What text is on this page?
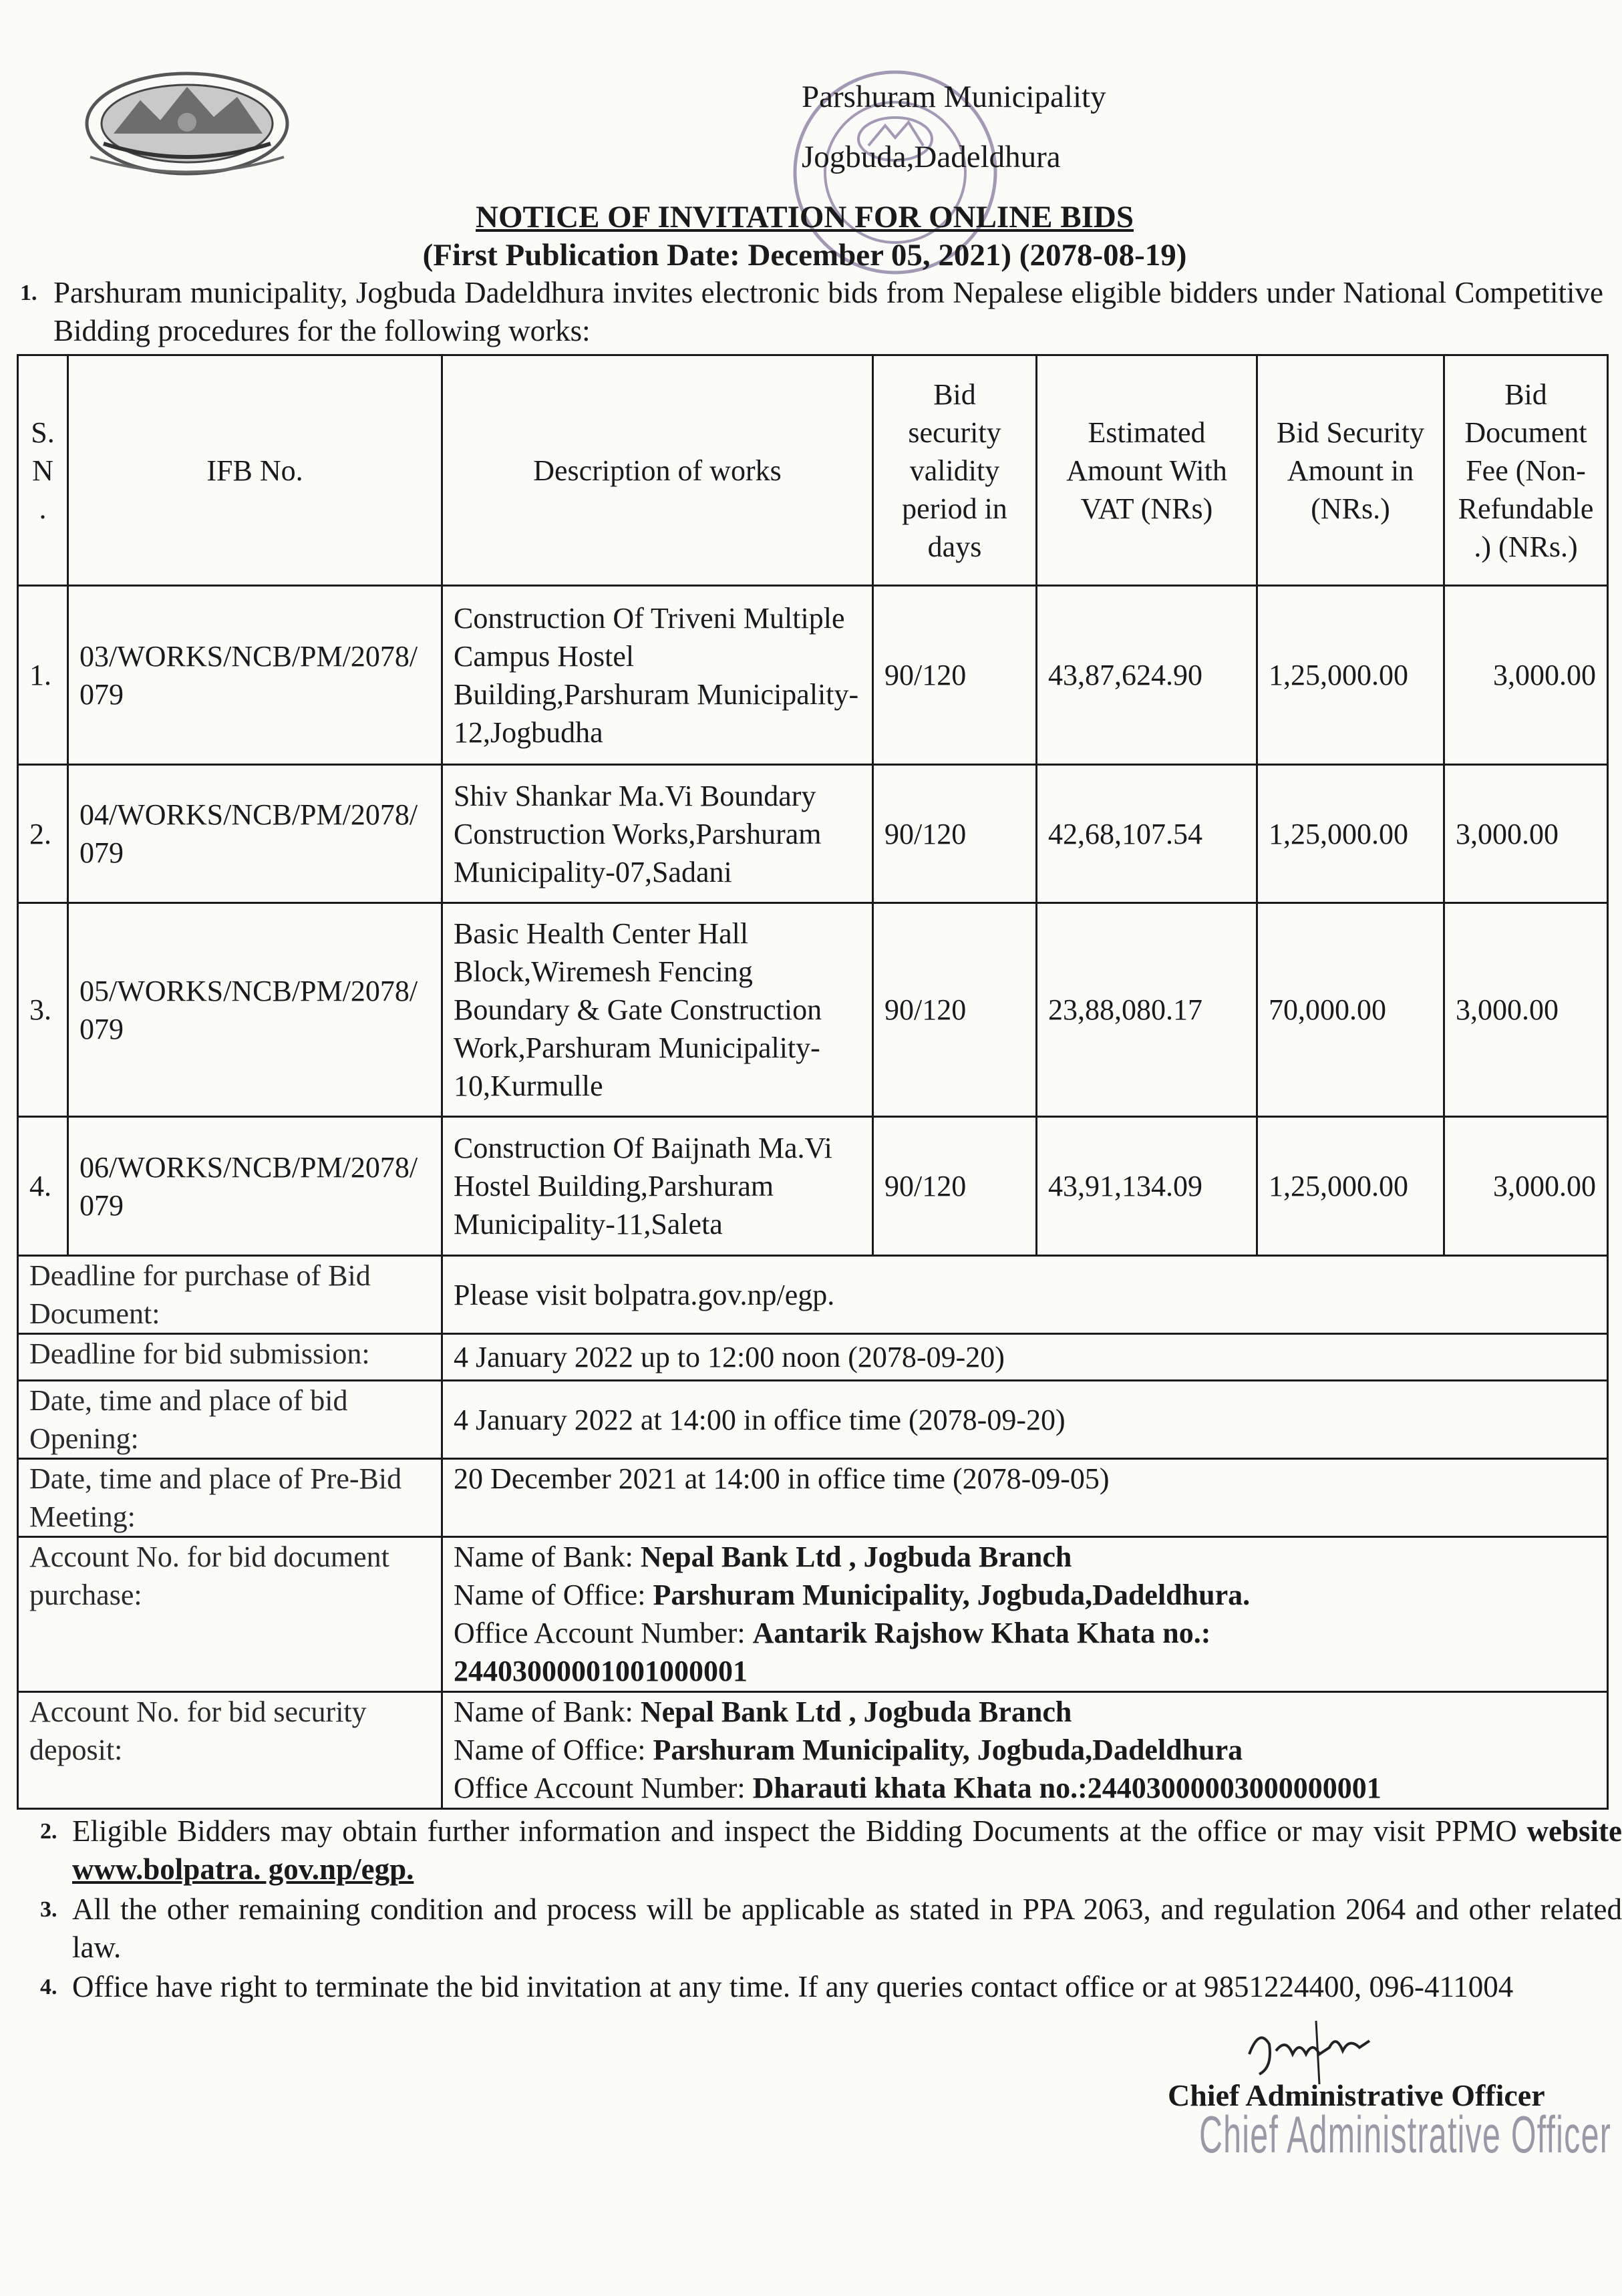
Parshuram Municipality
Jogbuda,Dadeldhura
NOTICE OF INVITATION FOR ONLINE BIDS
(First Publication Date: December 05, 2021) (2078-08-19)
1. Parshuram municipality, Jogbuda Dadeldhura invites electronic bids from Nepalese eligible bidders under National Competitive Bidding procedures for the following works:
S. N .	IFB No.	Description of works	Bid security validity period in days	Estimated Amount With VAT (NRs)	Bid Security Amount in (NRs.)	Bid Document Fee (Non-Refundable .) (NRs.)
1.	03/WORKS/NCB/PM/2078/079	Construction Of Triveni Multiple Campus Hostel Building,Parshuram Municipality-12,Jogbudha	90/120	43,87,624.90	1,25,000.00	3,000.00
2.	04/WORKS/NCB/PM/2078/079	Shiv Shankar Ma.Vi Boundary Construction Works,Parshuram Municipality-07,Sadani	90/120	42,68,107.54	1,25,000.00	3,000.00
3.	05/WORKS/NCB/PM/2078/079	Basic Health Center Hall Block,Wiremesh Fencing Boundary & Gate Construction Work,Parshuram Municipality-10,Kurmulle	90/120	23,88,080.17	70,000.00	3,000.00
4.	06/WORKS/NCB/PM/2078/079	Construction Of Baijnath Ma.Vi Hostel Building,Parshuram Municipality-11,Saleta	90/120	43,91,134.09	1,25,000.00	3,000.00
Deadline for purchase of Bid Document:		Please visit bolpatra.gov.np/egp.				
Deadline for bid submission:		4 January 2022 up to 12:00 noon (2078-09-20)				
Date, time and place of bid Opening:		4 January 2022 at 14:00 in office time (2078-09-20)				
Date, time and place of Pre-Bid Meeting:		20 December 2021 at 14:00 in office time (2078-09-05)				
Account No. for bid document purchase:		Name of Bank: Nepal Bank Ltd , Jogbuda Branch
Name of Office: Parshuram Municipality, Jogbuda,Dadeldhura.
Office Account Number: Aantarik Rajshow Khata Khata no.: 24403000001001000001				

Account No. for bid security deposit:		Name of Bank: Nepal Bank Ltd , Jogbuda Branch
Name of Office: Parshuram Municipality, Jogbuda,Dadeldhura
Office Account Number: Dharauti khata Khata no.:24403000003000000001				
2. Eligible Bidders may obtain further information and inspect the Bidding Documents at the office or may visit PPMO website www.bolpatra. gov.np/egp.
3. All the other remaining condition and process will be applicable as stated in PPA 2063, and regulation 2064 and other related law.
4. Office have right to terminate the bid invitation at any time. If any queries contact office or at 9851224400, 096-411004
Chief Administrative Officer
Chief Administrative Officer
